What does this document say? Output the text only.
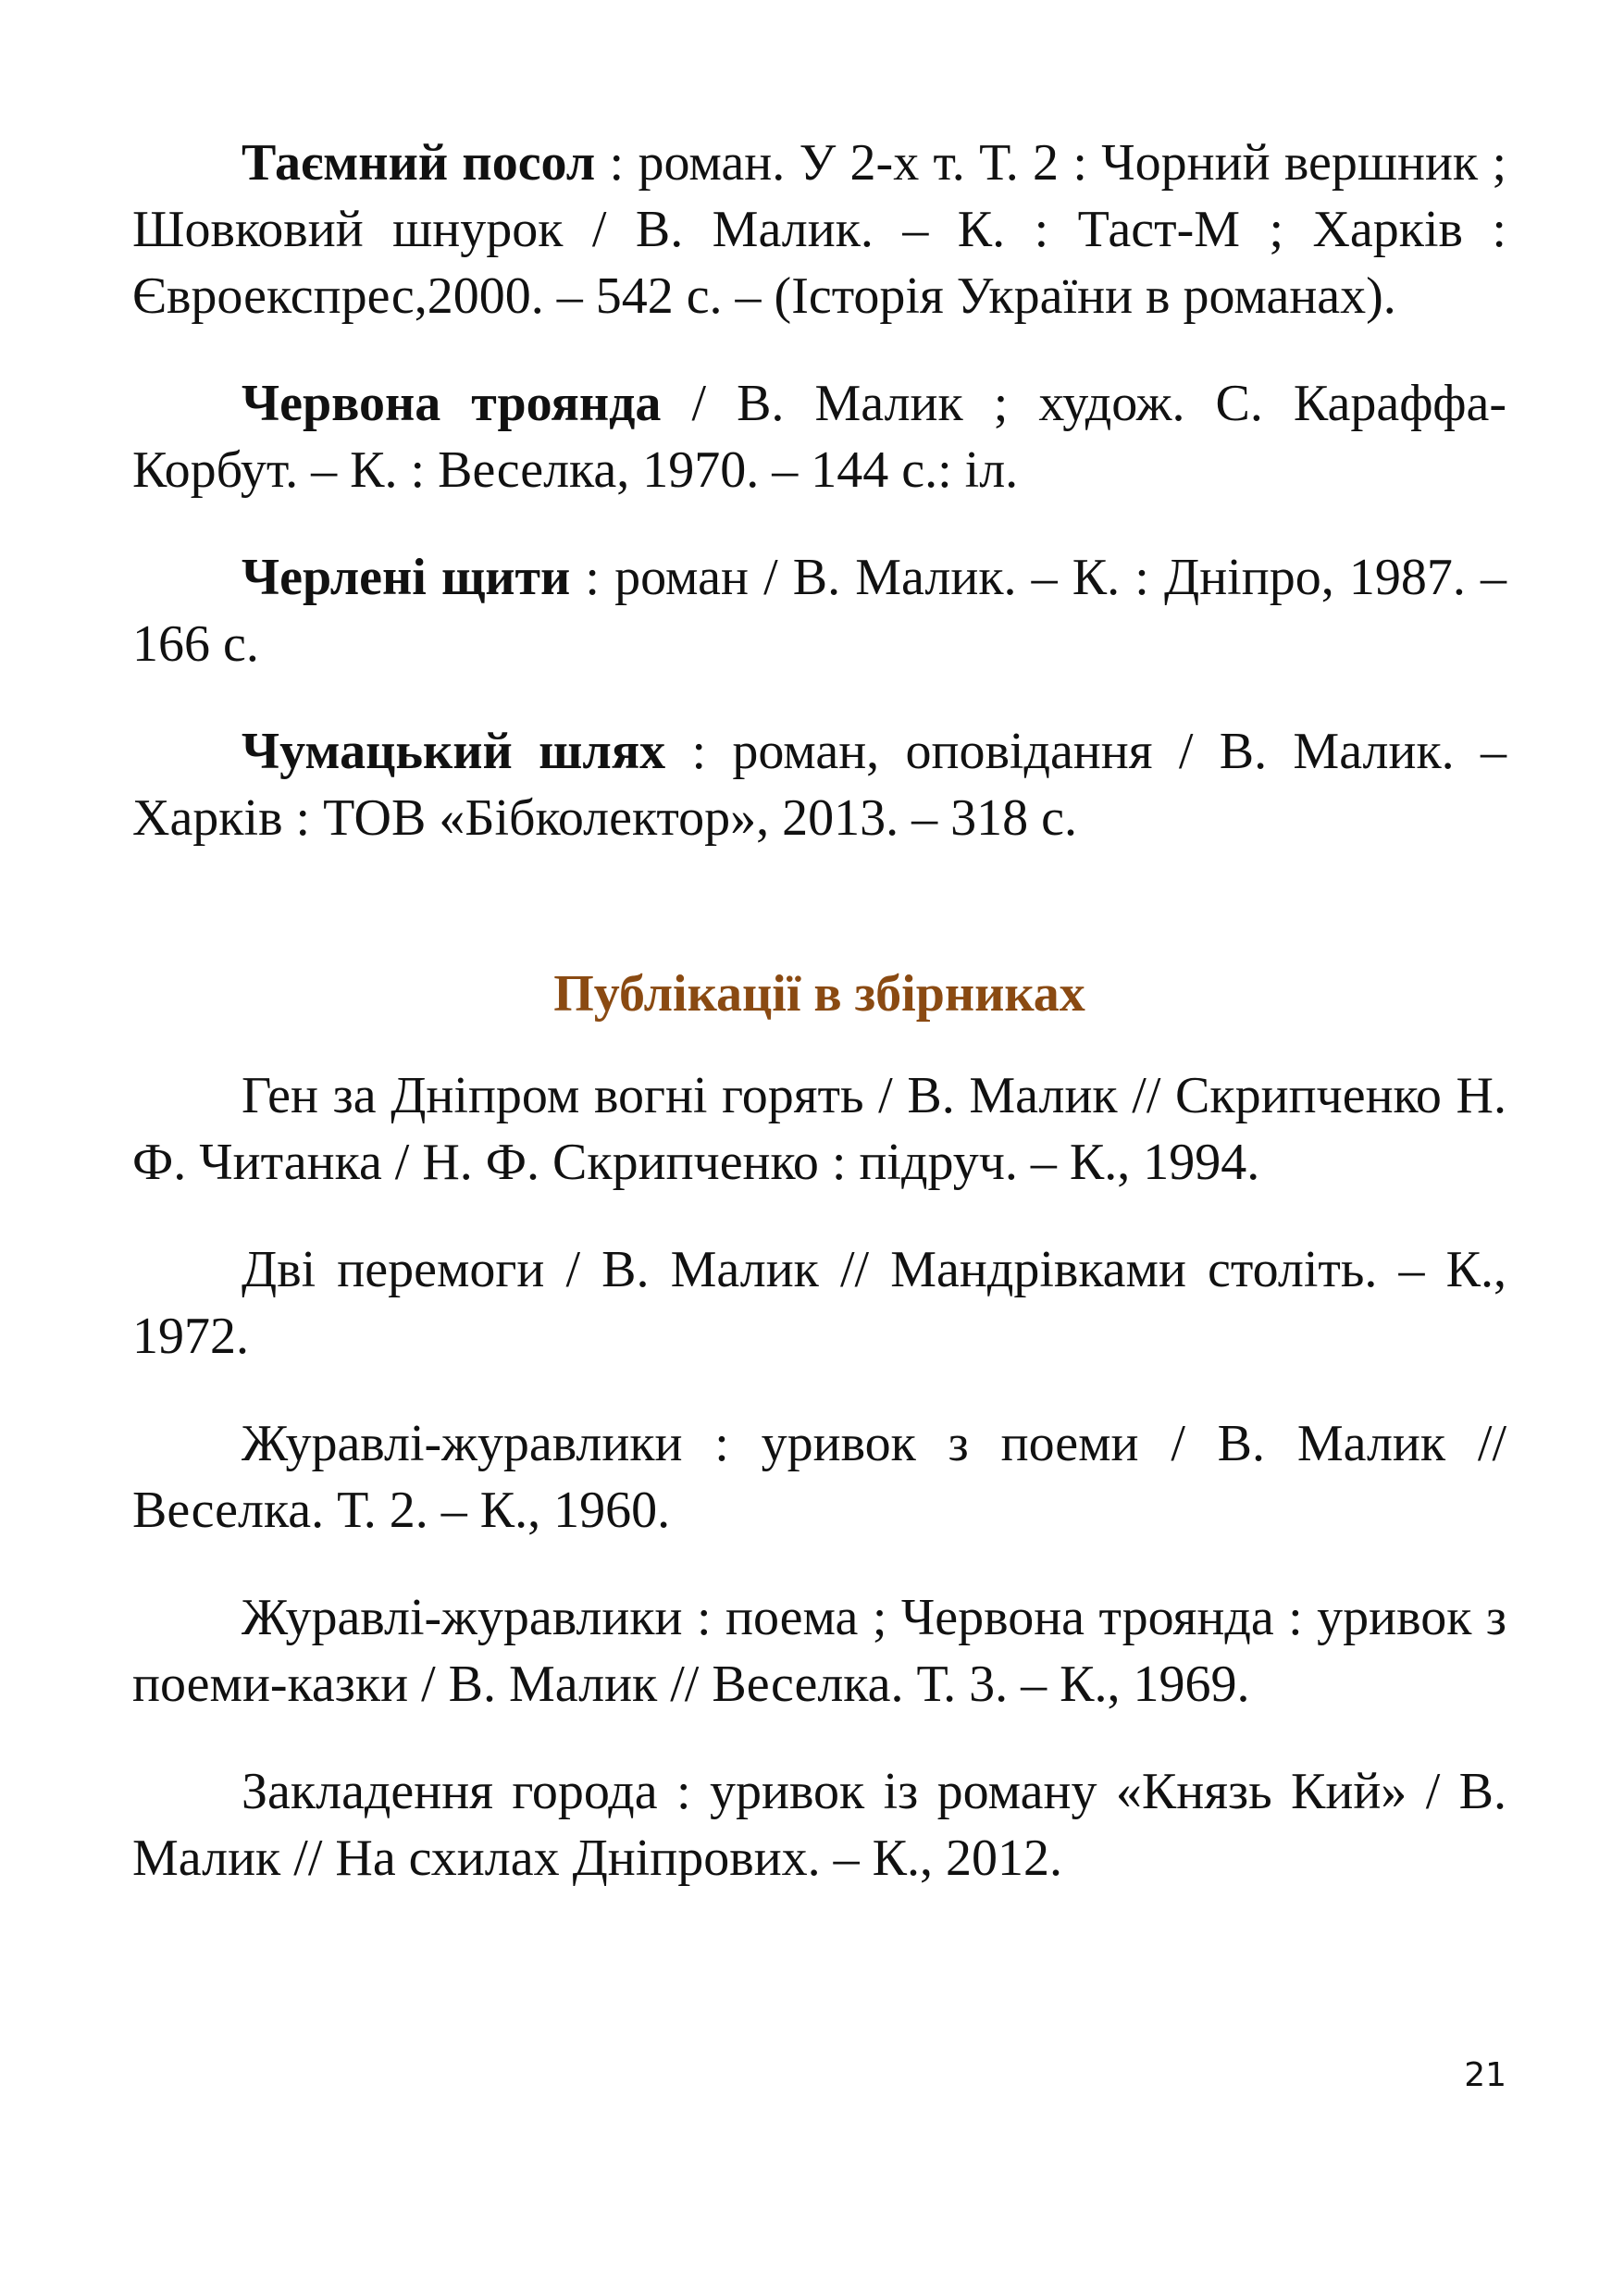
Таємний посол : роман. У 2-х т. Т. 2 : Чорний вершник ; Шовковий шнурок / В. Малик. – К. : Таст-М ; Харків : Євроекспрес,2000. – 542 с. – (Історія України в романах).

Червона троянда / В. Малик ; худож. С. Караффа-Корбут. – К. : Веселка, 1970. – 144 с.: іл.

Черлені щити : роман / В. Малик. – К. : Дніпро, 1987. – 166 с.

Чумацький шлях : роман, оповідання / В. Малик. – Харків : ТОВ «Бібколектор», 2013. – 318 с.

Публікації в збірниках

Ген за Дніпром вогні горять / В. Малик // Скрипченко Н. Ф. Читанка / Н. Ф. Скрипченко : підруч. – К., 1994.

Дві перемоги / В. Малик // Мандрівками століть. – К., 1972.

Журавлі-журавлики : уривок з поеми / В. Малик // Веселка. Т. 2. – К., 1960.

Журавлі-журавлики : поема ; Червона троянда : уривок з поеми-казки / В. Малик // Веселка. Т. 3. – К., 1969.

Закладення города : уривок із роману «Князь Кий» / В. Малик // На схилах Дніпрових. – К., 2012.

21
